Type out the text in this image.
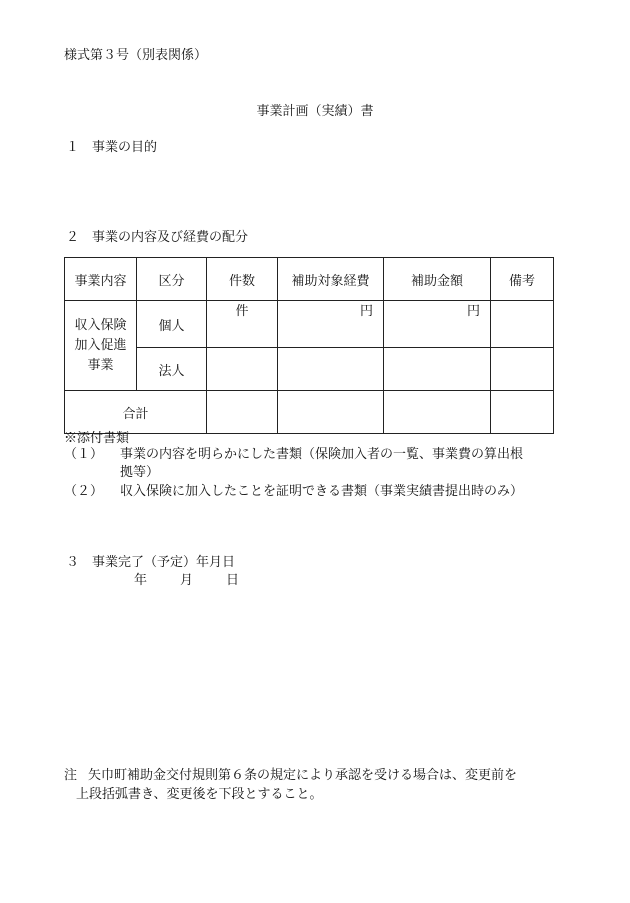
様式第３号（別表関係）
事業計画（実績）書
１ 事業の目的
２ 事業の内容及び経費の配分
事業内容	区分	件数	補助対象経費	補助金額	備考

収入保険
加入促進
事業	個人	件	円	円	
	法人				
合計					
※添付書類
（１） 事業の内容を明らかにした書類（保険加入者の一覧、事業費の算出根
拠等）
（２） 収入保険に加入したことを証明できる書類（事業実績書提出時のみ）
３ 事業完了（予定）年月日
年	月	日
注 矢巾町補助金交付規則第６条の規定により承認を受ける場合は、変更前を
上段括弧書き、変更後を下段とすること。
